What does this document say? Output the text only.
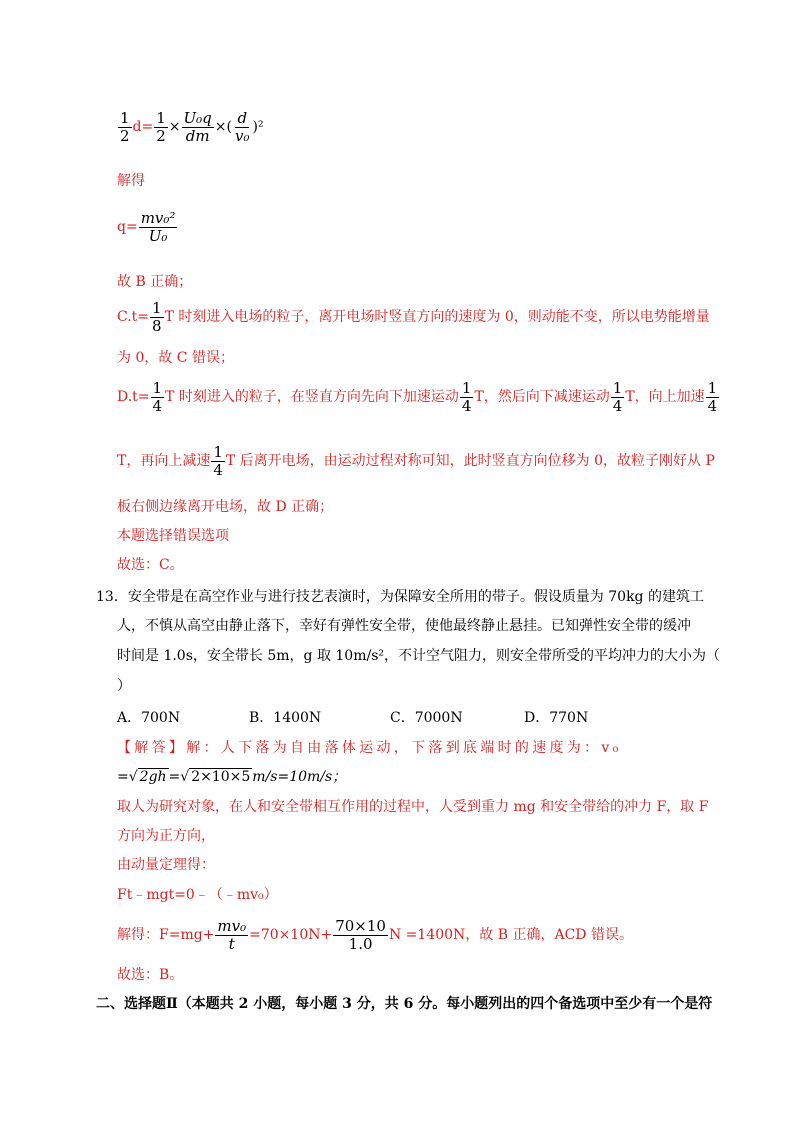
$\frac{1}{2} d= \frac{1}{2} \times \frac{\text{U₀q}}{dm}$ ×( $\frac{d}{\text{v₀}} )^2$
解得
$q= \frac{\text{mv₀²}}{\text{U₀}}$
故 B 正确；
$C.t= \frac{1}{8}$ T 时刻进入电场的粒子，离开电场时竖直方向的速度为 0，则动能不变，所以电势能增量
为 0，故 C 错误；
$D.t= \frac{1}{4}$ T 时刻进入的粒子，在竖直方向先向下加速运动 $\frac{1}{4}$ T，然后向下减速运动 $\frac{1}{4}$ T，向上加速 $\frac{1}{4}$
T，再向上减速 $\frac{1}{4}$ T 后离开电场，由运动过程对称可知，此时竖直方向位移为 0，故粒子刚好从 P
板右侧边缘离开电场，故 D 正确；
本题选择错误选项
故选：C。
13．安全带是在高空作业与进行技艺表演时，为保障安全所用的带子。假设质量为 70kg 的建筑工
人，不慎从高空由静止落下，幸好有弹性安全带，使他最终静止悬挂。已知弹性安全带的缓冲
时间是 1.0s，安全带长 5m，g 取 10m/s²，不计空气阻力，则安全带所受的平均冲力的大小为（
）
A．700N	B．1400N	C．7000N	D．770N
【解答】解：人下落为自由落体运动，下落到底端时的速度为：v₀
=√ 2gh =√ 2×10×5 m/s=10m/s；
取人为研究对象，在人和安全带相互作用的过程中，人受到重力 mg 和安全带给的冲力 F，取 F
方向为正方向，
由动量定理得：
Ft﹣mgt=0﹣（﹣mv₀）
解得：$F=mg+ \frac{\text{mv₀}}{t} =70\times 10N+ \frac{70\times 10}{1.0}$ N =1400N，故 B 正确，ACD 错误。
故选：B。
二、选择题Ⅱ（本题共 2 小题，每小题 3 分，共 6 分。每小题列出的四个备选项中至少有一个是符
